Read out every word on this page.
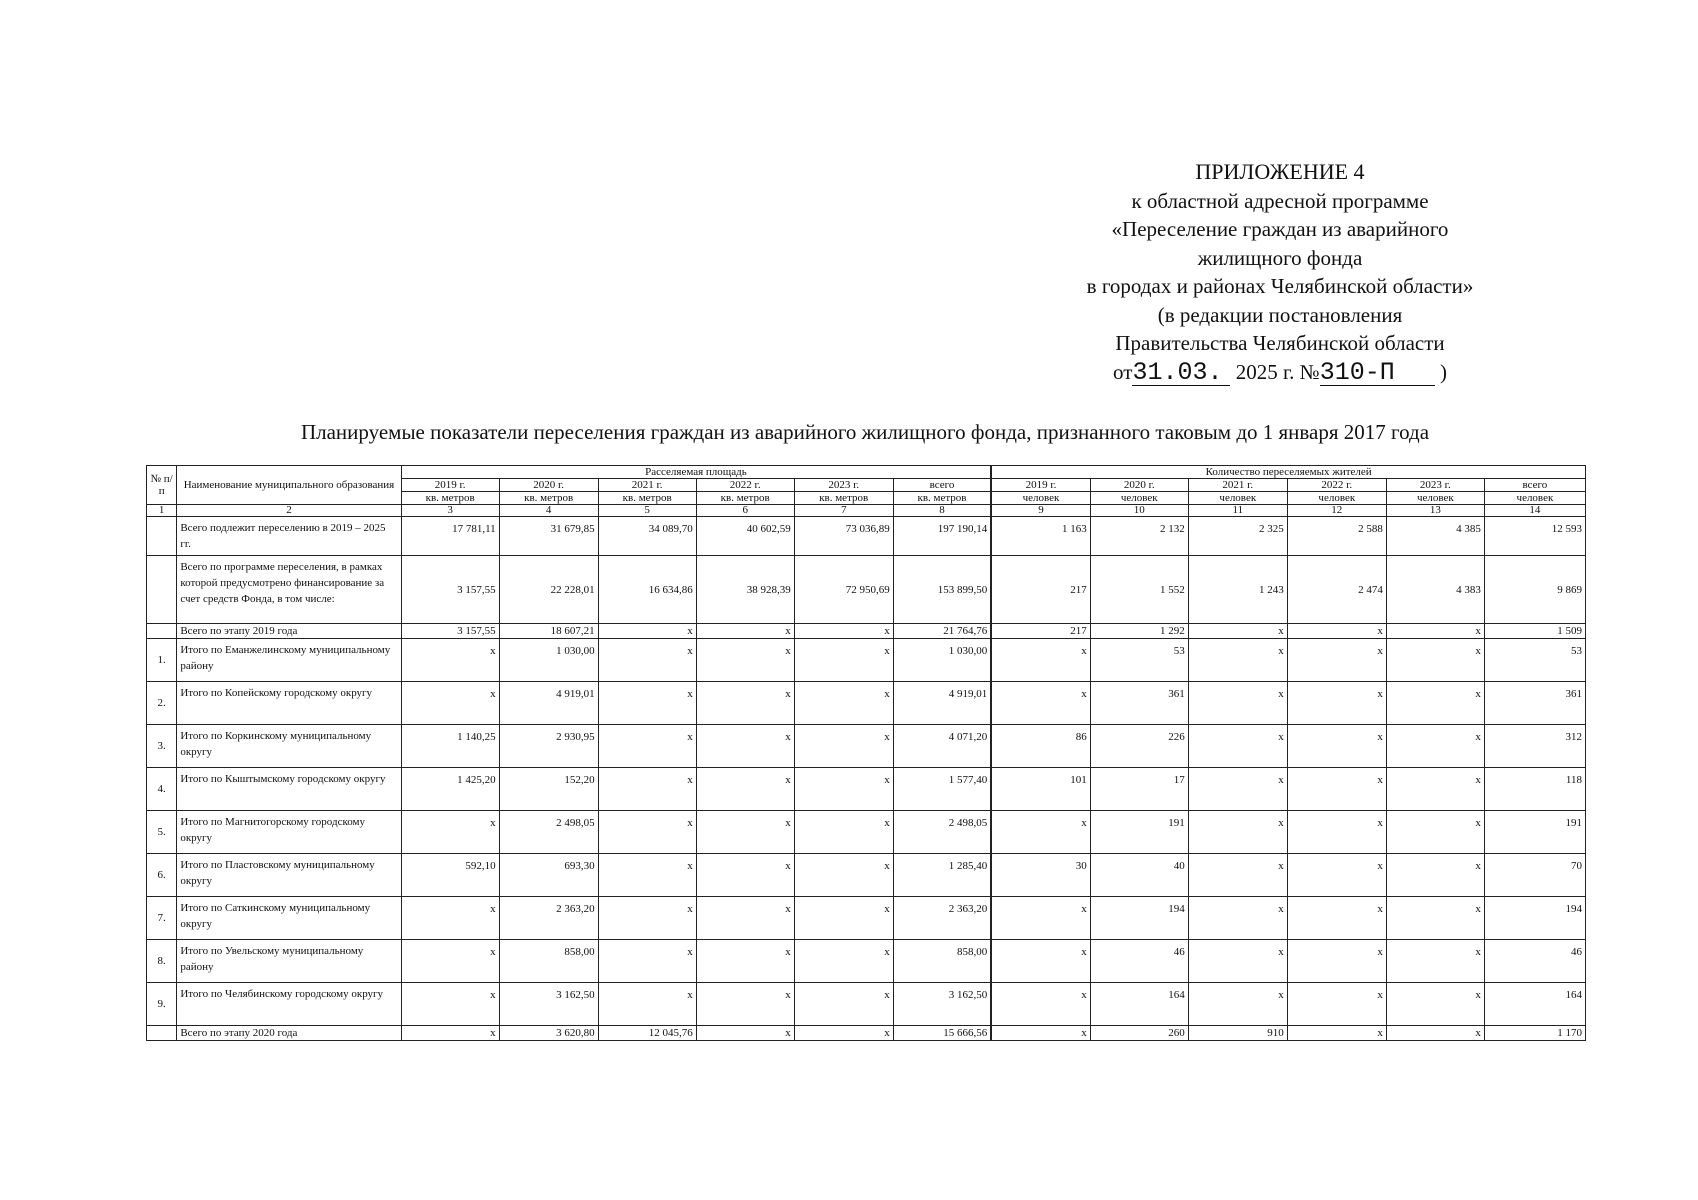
ПРИЛОЖЕНИЕ 4
к областной адресной программе
«Переселение граждан из аварийного
жилищного фонда
в городах и районах Челябинской области»
(в редакции постановления
Правительства Челябинской области
от31.03. 2025 г. №310-П )
Планируемые показатели переселения граждан из аварийного жилищного фонда, признанного таковым до 1 января 2017 года
№ п/п	Наименование муниципального образования	Расселяемая площадь						Количество переселяемых жителей					
		2019 г.	2020 г.	2021 г.	2022 г.	2023 г.	всего	2019 г.	2020 г.	2021 г.	2022 г.	2023 г.	всего
		кв. метров	кв. метров	кв. метров	кв. метров	кв. метров	кв. метров	человек	человек	человек	человек	человек	человек
1	2	3	4	5	6	7	8	9	10	11	12	13	14
	Всего подлежит переселению в 2019 – 2025 гг.	17 781,11	31 679,85	34 089,70	40 602,59	73 036,89	197 190,14	1 163	2 132	2 325	2 588	4 385	12 593
	Всего по программе переселения, в рамках которой предусмотрено финансирование за счет средств Фонда, в том числе:	3 157,55	22 228,01	16 634,86	38 928,39	72 950,69	153 899,50	217	1 552	1 243	2 474	4 383	9 869
	Всего по этапу 2019 года	3 157,55	18 607,21	x	x	x	21 764,76	217	1 292	x	x	x	1 509
1.	Итого по Еманжелинскому муниципальному району	x	1 030,00	x	x	x	1 030,00	x	53	x	x	x	53
2.	Итого по Копейскому городскому округу	x	4 919,01	x	x	x	4 919,01	x	361	x	x	x	361
3.	Итого по Коркинскому муниципальному округу	1 140,25	2 930,95	x	x	x	4 071,20	86	226	x	x	x	312
4.	Итого по Кыштымскому городскому округу	1 425,20	152,20	x	x	x	1 577,40	101	17	x	x	x	118
5.	Итого по Магнитогорскому городскому округу	x	2 498,05	x	x	x	2 498,05	x	191	x	x	x	191
6.	Итого по Пластовскому муниципальному округу	592,10	693,30	x	x	x	1 285,40	30	40	x	x	x	70
7.	Итого по Саткинскому муниципальному округу	x	2 363,20	x	x	x	2 363,20	x	194	x	x	x	194
8.	Итого по Увельскому муниципальному району	x	858,00	x	x	x	858,00	x	46	x	x	x	46
9.	Итого по Челябинскому городскому округу	x	3 162,50	x	x	x	3 162,50	x	164	x	x	x	164
	Всего по этапу 2020 года	x	3 620,80	12 045,76	x	x	15 666,56	x	260	910	x	x	1 170
